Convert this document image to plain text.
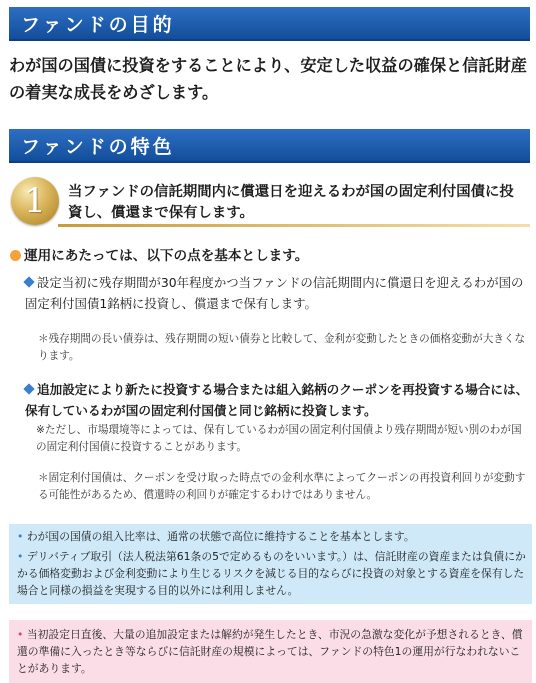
ファンドの目的
わが国の国債に投資をすることにより、安定した収益の確保と信託財産の着実な成長をめざします。
ファンドの特色
1	当ファンドの信託期間内に償還日を迎えるわが国の固定利付国債に投資し、償還まで保有します。
運用にあたっては、以下の点を基本とします。
設定当初に残存期間が30年程度かつ当ファンドの信託期間内に償還日を迎えるわが国の固定利付国債1銘柄に投資し、償還まで保有します。
＊残存期間の長い債券は、残存期間の短い債券と比較して、金利が変動したときの価格変動が大きくなります。
追加設定により新たに投資する場合または組入銘柄のクーポンを再投資する場合には、保有しているわが国の固定利付国債と同じ銘柄に投資します。
※ただし、市場環境等によっては、保有しているわが国の固定利付国債より残存期間が短い別のわが国の固定利付国債に投資することがあります。
＊固定利付国債は、クーポンを受け取った時点での金利水準によってクーポンの再投資利回りが変動する可能性があるため、償還時の利回りが確定するわけではありません。
• わが国の国債の組入比率は、通常の状態で高位に維持することを基本とします。
• デリバティブ取引（法人税法第61条の5で定めるものをいいます。）は、信託財産の資産または負債にかかる価格変動および金利変動により生じるリスクを減じる目的ならびに投資の対象とする資産を保有した場合と同様の損益を実現する目的以外には利用しません。
• 当初設定日直後、大量の追加設定または解約が発生したとき、市況の急激な変化が予想されるとき、償還の準備に入ったとき等ならびに信託財産の規模によっては、ファンドの特色1の運用が行なわれないことがあります。
